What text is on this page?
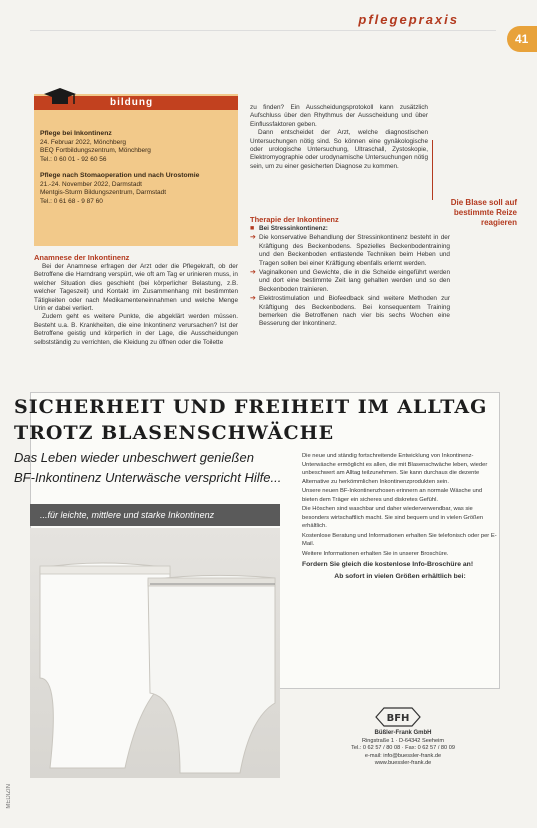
pflegepraxis
41
bildung
Pflege bei Inkontinenz
24. Februar 2022, Mönchberg
BEQ Fortbildungszentrum, Mönchberg
Tel.: 0 60 01 - 92 60 56
Pflege nach Stomaoperation und nach Urostomie
21.-24. November 2022, Darmstadt
Mentgis-Sturm Bildungszentrum, Darmstadt
Tel.: 0 61 68 - 9 87 60
Anamnese der Inkontinenz

Bei der Anamnese erfragen der Arzt oder die Pflegekraft, ob der Betroffene die Harndrang verspürt, wie oft am Tag er urinieren muss, in welcher Situation dies geschieht (bei körperlicher Belastung, z.B. welcher Tageszeit) und Kontakt im Zusammenhang mit bestimmten Tätigkeiten oder nach Medikamenteneinnahmen und welche Menge Urin er dabei verliert.

Zudem geht es weitere Punkte, die abgeklärt werden müssen. Besteht u.a. B. Krankheiten, die eine Inkontinenz verursachen? Ist der Betroffene geistig und körperlich in der Lage, die Ausscheidungen selbstständig zu verrichten, die Kleidung zu öffnen oder die Toilette

zu finden? Ein Ausscheidungsprotokoll kann zusätzlich Aufschluss über den Rhythmus der Ausscheidung und über Einflussfaktoren geben.

Dann entscheidet der Arzt, welche diagnostischen Untersuchungen nötig sind. So können eine gynäkologische oder urologische Untersuchung, Ultraschall, Zystoskopie, Elektromyographie oder urodynamische Untersuchungen nötig sein, um zu einer gesicherten Diagnose zu kommen.

Die Blase soll auf bestimmte Reize reagieren
Therapie der Inkontinenz
■ Bei Stressinkontinenz:
➔ Die konservative Behandlung der Stressinkontinenz besteht in der Kräftigung des Beckenbodens. Spezielles Beckenbodentraining und den Beckenboden entlastende Techniken beim Heben und Tragen sollen bei einer Kräftigung ebenfalls erlernt werden.
➔ Vaginalkonen und Gewichte, die in die Scheide eingeführt werden und dort eine bestimmte Zeit lang gehalten werden und so den Beckenboden trainieren.
➔ Elektrostimulation und Biofeedback sind weitere Methoden zur Kräftigung des Beckenbodens. Bei konsequentem Training bemerken die Betroffenen nach vier bis sechs Wochen eine Besserung der Inkontinenz.
SICHERHEIT UND FREIHEIT IM ALLTAG
TROTZ BLASENSCHWÄCHE
Das Leben wieder unbeschwert genießen
BF-Inkontinenz Unterwäsche verspricht Hilfe...
...für leichte, mittlere und starke Inkontinenz

Die neue und ständig fortschreitende Entwicklung von Inkontinenz-Unterwäsche ermöglicht es allen, die mit Blasenschwäche leben, wieder unbeschwert am Alltag teilzunehmen. Sie kann durchaus die dezente Alternative zu herkömmlichen Inkontinenzprodukten sein.

Unsere neuen BF-Inkontinenzhosen erinnern an normale Wäsche und bieten dem Träger ein sicheres und diskretes Gefühl.

Die Höschen sind waschbar und daher wiederverwendbar, was sie besonders wirtschaftlich macht. Sie sind bequem und in vielen Größen erhältlich.

Kostenlose Beratung und Informationen erhalten Sie telefonisch oder per E-Mail.

Weitere Informationen erhalten Sie in unserer Broschüre.

Fordern Sie gleich die kostenlose Info-Broschüre an!

Ab sofort in vielen Größen erhältlich bei:

BFH
Büßler-Frank GmbH
Ringstraße 1 · D-64342 Seeheim
Tel.: 0 62 57 / 80 08 · Fax: 0 62 57 / 80 09
e-mail: info@buessler-frank.de
www.buessler-frank.de
MEDIZIN
